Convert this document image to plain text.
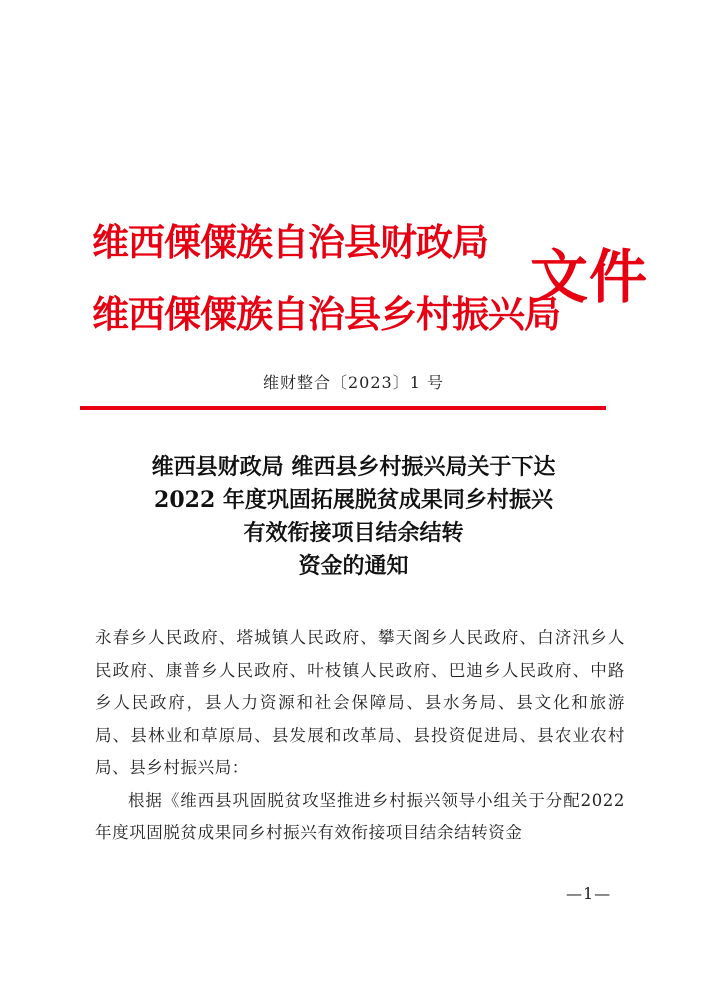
维西傈僳族自治县财政局
维西傈僳族自治县乡村振兴局
文件
维财整合〔2023〕1 号
维西县财政局 维西县乡村振兴局关于下达
2022 年度巩固拓展脱贫成果同乡村振兴
有效衔接项目结余结转
资金的通知

永春乡人民政府、塔城镇人民政府、攀天阁乡人民政府、白济汛乡人民政府、康普乡人民政府、叶枝镇人民政府、巴迪乡人民政府、中路乡人民政府，县人力资源和社会保障局、县水务局、县文化和旅游局、县林业和草原局、县发展和改革局、县投资促进局、县农业农村局、县乡村振兴局：

根据《维西县巩固脱贫攻坚推进乡村振兴领导小组关于分配2022 年度巩固脱贫成果同乡村振兴有效衔接项目结余结转资金

—1—
